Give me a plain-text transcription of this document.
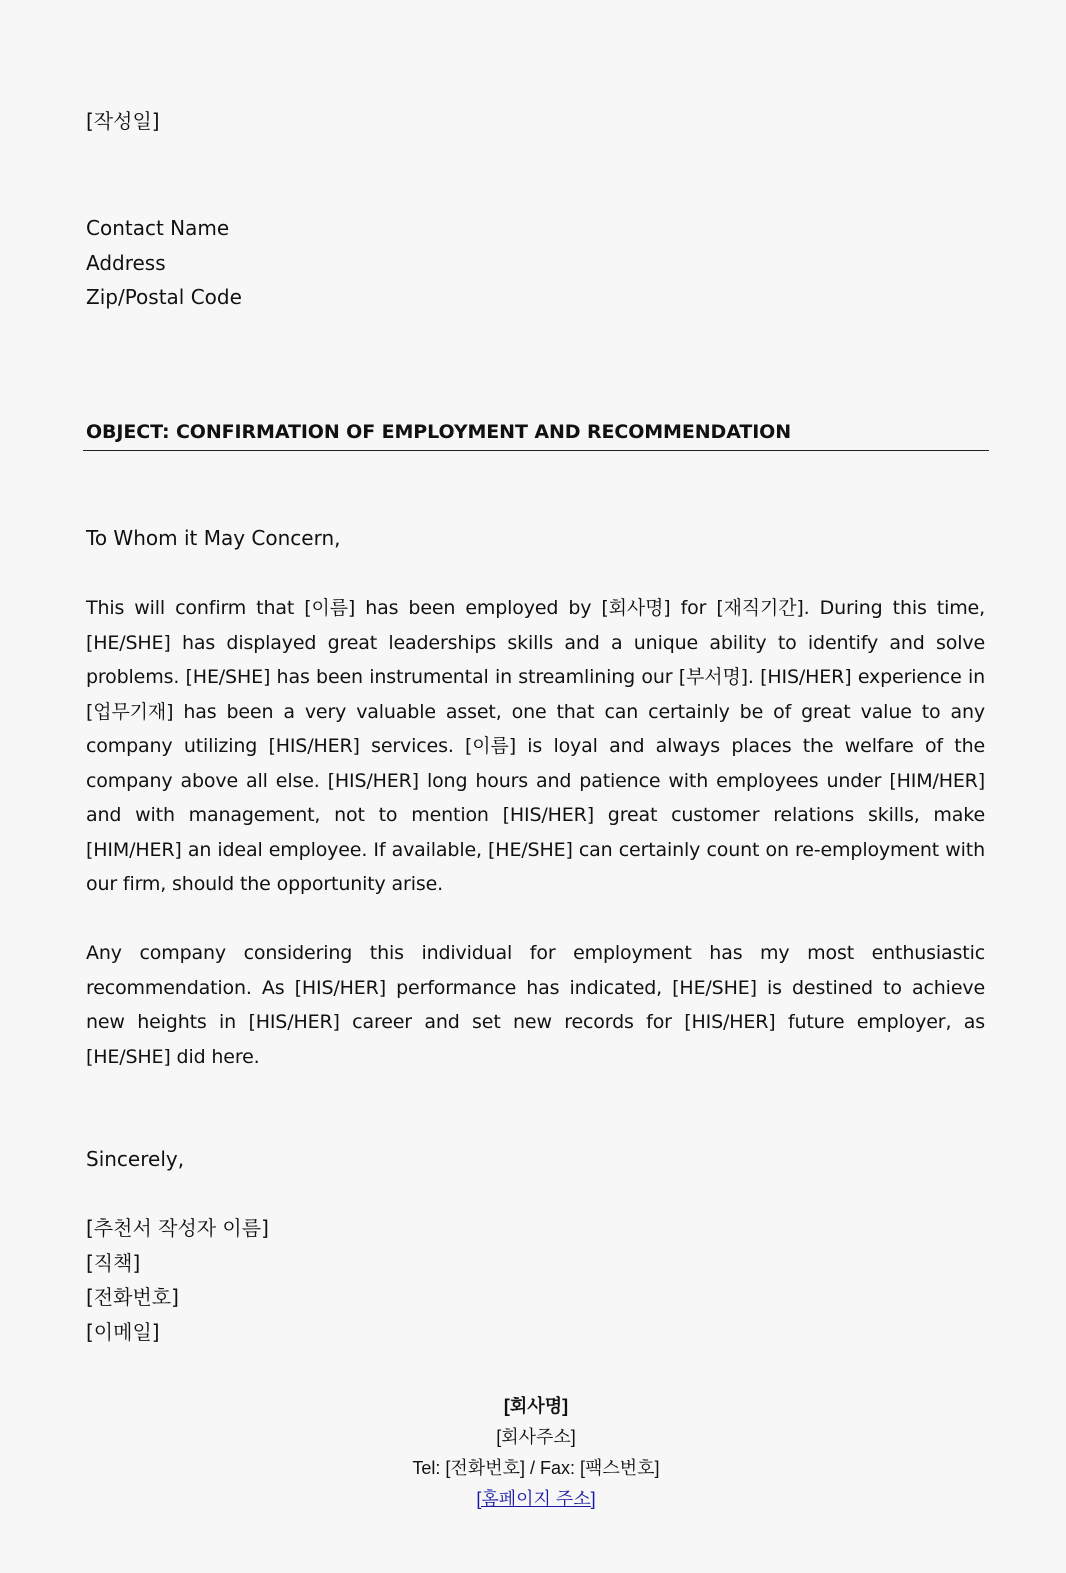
[작성일]
Contact Name
Address
Zip/Postal Code
OBJECT: CONFIRMATION OF EMPLOYMENT AND RECOMMENDATION
To Whom it May Concern,

This will confirm that [이름] has been employed by [회사명] for [재직기간]. During this time, [HE/SHE] has displayed great leaderships skills and a unique ability to identify and solve problems. [HE/SHE] has been instrumental in streamlining our [부서명]. [HIS/HER] experience in [업무기재] has been a very valuable asset, one that can certainly be of great value to any company utilizing [HIS/HER] services. [이름] is loyal and always places the welfare of the company above all else. [HIS/HER] long hours and patience with employees under [HIM/HER] and with management, not to mention [HIS/HER] great customer relations skills, make [HIM/HER] an ideal employee. If available, [HE/SHE] can certainly count on re-employment with our firm, should the opportunity arise.

Any company considering this individual for employment has my most enthusiastic recommendation. As [HIS/HER] performance has indicated, [HE/SHE] is destined to achieve new heights in [HIS/HER] career and set new records for [HIS/HER] future employer, as [HE/SHE] did here.

Sincerely,
[추천서 작성자 이름]
[직책]
[전화번호]
[이메일]
[회사명]
[회사주소]
Tel: [전화번호] / Fax: [팩스번호]
[홈페이지 주소]
